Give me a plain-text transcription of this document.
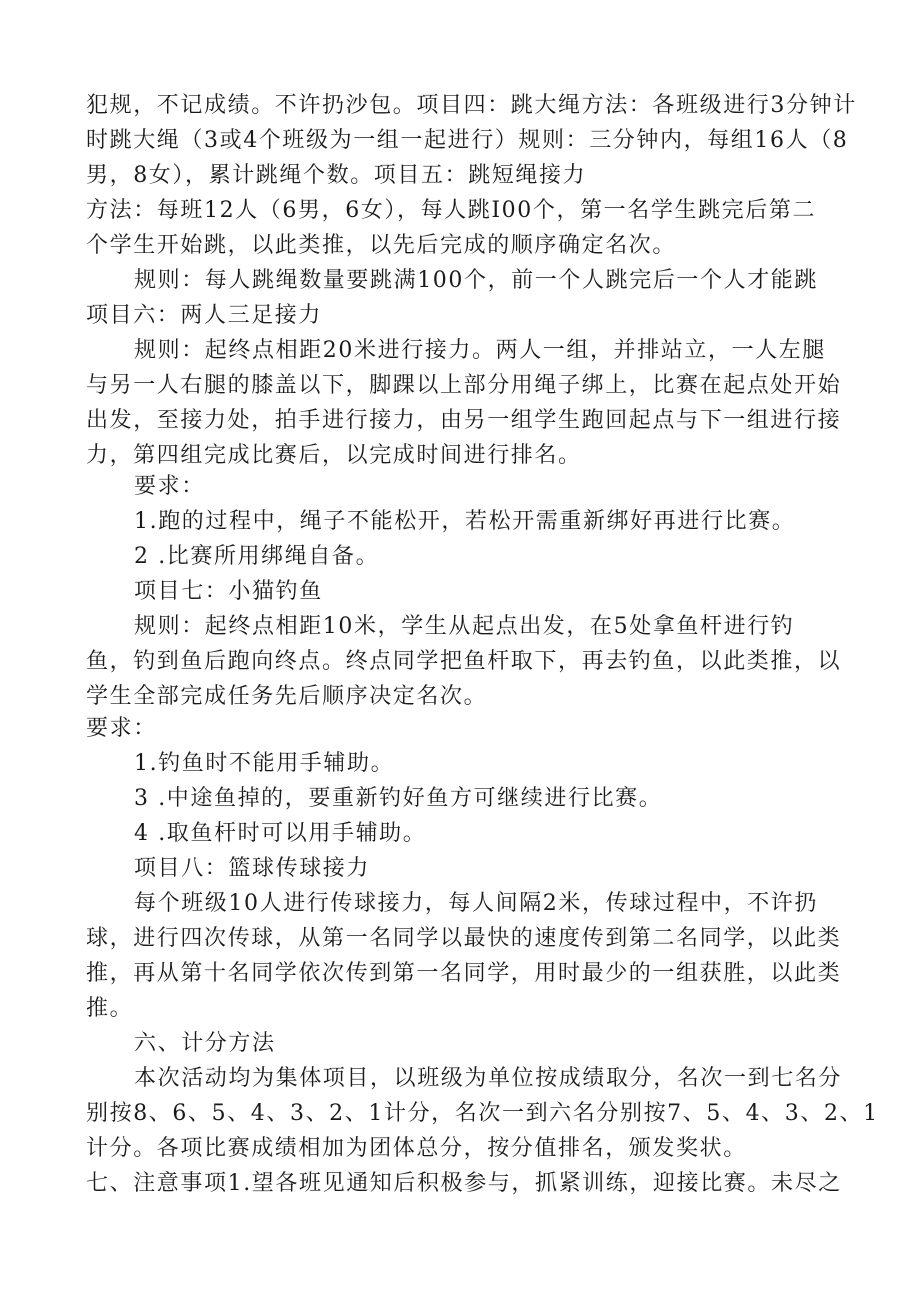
犯规，不记成绩。不许扔沙包。项目四：跳大绳方法：各班级进行3分钟计
时跳大绳（3或4个班级为一组一起进行）规则：三分钟内，每组16人（8
男，8女），累计跳绳个数。项目五：跳短绳接力
方法：每班12人（6男，6女），每人跳I00个，第一名学生跳完后第二
个学生开始跳，以此类推，以先后完成的顺序确定名次。
规则：每人跳绳数量要跳满100个，前一个人跳完后一个人才能跳
项目六：两人三足接力
规则：起终点相距20米进行接力。两人一组，并排站立，一人左腿
与另一人右腿的膝盖以下，脚踝以上部分用绳子绑上，比赛在起点处开始
出发，至接力处，拍手进行接力，由另一组学生跑回起点与下一组进行接
力，第四组完成比赛后，以完成时间进行排名。
要求：
1.跑的过程中，绳子不能松开，若松开需重新绑好再进行比赛。
2 .比赛所用绑绳自备。
项目七：小猫钓鱼
规则：起终点相距10米，学生从起点出发，在5处拿鱼杆进行钓
鱼，钓到鱼后跑向终点。终点同学把鱼杆取下，再去钓鱼，以此类推，以
学生全部完成任务先后顺序决定名次。
要求：
1.钓鱼时不能用手辅助。
3 .中途鱼掉的，要重新钓好鱼方可继续进行比赛。
4 .取鱼杆时可以用手辅助。
项目八：篮球传球接力
每个班级10人进行传球接力，每人间隔2米，传球过程中，不许扔
球，进行四次传球，从第一名同学以最快的速度传到第二名同学，以此类
推，再从第十名同学依次传到第一名同学，用时最少的一组获胜，以此类
推。
六、计分方法
本次活动均为集体项目，以班级为单位按成绩取分，名次一到七名分
别按8、6、5、4、3、2、1计分，名次一到六名分别按7、5、4、3、2、1
计分。各项比赛成绩相加为团体总分，按分值排名，颁发奖状。
七、注意事项1.望各班见通知后积极参与，抓紧训练，迎接比赛。未尽之
